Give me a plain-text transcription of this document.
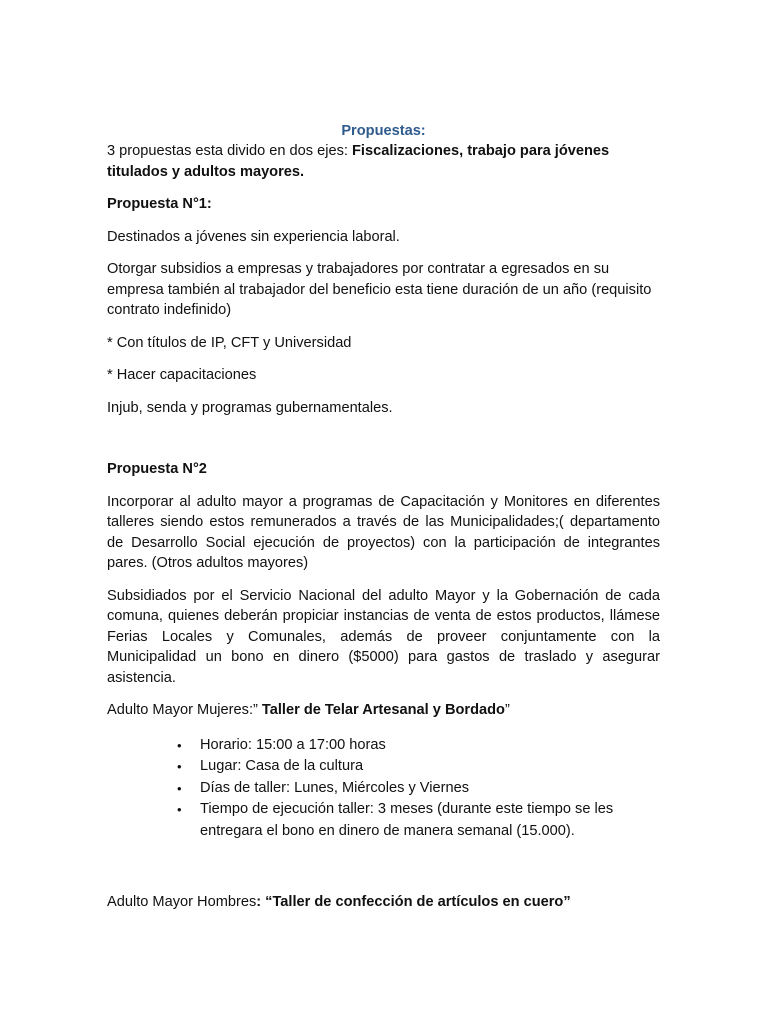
Propuestas:

3 propuestas esta divido en dos ejes: Fiscalizaciones, trabajo para jóvenes titulados y adultos mayores.

Propuesta N°1:

Destinados a jóvenes sin experiencia laboral.

Otorgar subsidios a empresas y trabajadores por contratar a egresados en su empresa también al trabajador del beneficio esta tiene duración de un año (requisito contrato indefinido)

* Con títulos de IP, CFT y Universidad

* Hacer capacitaciones

Injub, senda y programas gubernamentales.

Propuesta N°2

Incorporar al adulto mayor a programas de Capacitación y Monitores en diferentes talleres siendo estos remunerados a través de las Municipalidades;( departamento de Desarrollo Social ejecución de proyectos) con la participación de integrantes pares. (Otros adultos mayores)

Subsidiados por el Servicio Nacional del adulto Mayor y la Gobernación de cada comuna, quienes deberán propiciar instancias de venta de estos productos, llámese Ferias Locales y Comunales, además de proveer conjuntamente con la Municipalidad un bono en dinero ($5000) para gastos de traslado y asegurar asistencia.

Adulto Mayor Mujeres:” Taller de Telar Artesanal y Bordado”

• Horario: 15:00 a 17:00 horas
• Lugar: Casa de la cultura
• Días de taller: Lunes, Miércoles y Viernes
• Tiempo de ejecución taller: 3 meses (durante este tiempo se les entregara el bono en dinero de manera semanal (15.000).

Adulto Mayor Hombres: “Taller de confección de artículos en cuero”
